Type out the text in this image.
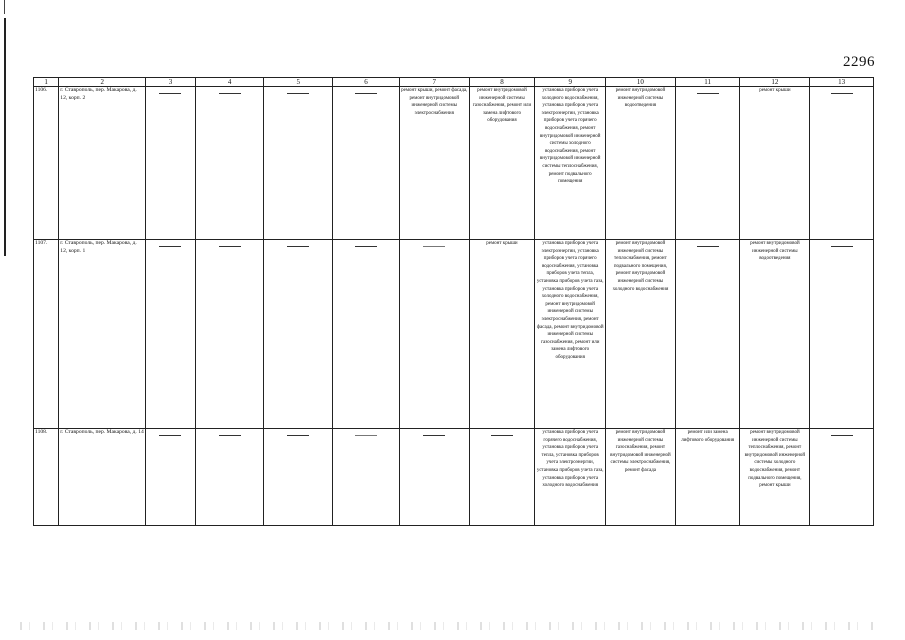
2296
1	2	3	4	5	6	7	8	9	10	11	12	13
1106.	г. Ставрополь, пер. Макарова, д. 12, корп. 2					ремонт крыши, ремонт фасада, ремонт внутридомовой инженерной системы электроснабжения	ремонт внутридомовой инженерной системы газоснабжения, ремонт или замена лифтового оборудования	установка приборов учета холодного водоснабжения, установка приборов учета электроэнергии, установка приборов учета горячего водоснабжения, ремонт внутридомовой инженерной системы холодного водоснабжения, ремонт внутридомовой инженерной системы теплоснабжения, ремонт подвального помещения	ремонт внутридомовой инженерной системы водоотведения		ремонт крыши	

1107.	г. Ставрополь, пер. Макарова, д. 12, корп. 1						ремонт крыши	установка приборов учета электроэнергии, установка приборов учета горячего водоснабжения, установка приборов учета тепла, установка приборов учета газа, установка приборов учета холодного водоснабжения, ремонт внутридомовой инженерной системы электроснабжения, ремонт фасада, ремонт внутридомовой инженерной системы газоснабжения, ремонт или замена лифтового оборудования	ремонт внутридомовой инженерной системы теплоснабжения, ремонт подвального помещения, ремонт внутридомовой инженерной системы холодного водоснабжения		ремонт внутридомовой инженерной системы водоотведения	

1108.	г. Ставрополь, пер. Макарова, д. 14							установка приборов учета горячего водоснабжения, установка приборов учета тепла, установка приборов учета электроэнергии, установка приборов учета газа, установка приборов учета холодного водоснабжения	ремонт внутридомовой инженерной системы газоснабжения, ремонт внутридомовой инженерной системы электроснабжения, ремонт фасада	ремонт или замена лифтового оборудования	ремонт внутридомовой инженерной системы теплоснабжения, ремонт внутридомовой инженерной системы холодного водоснабжения, ремонт подвального помещения, ремонт крыши	
